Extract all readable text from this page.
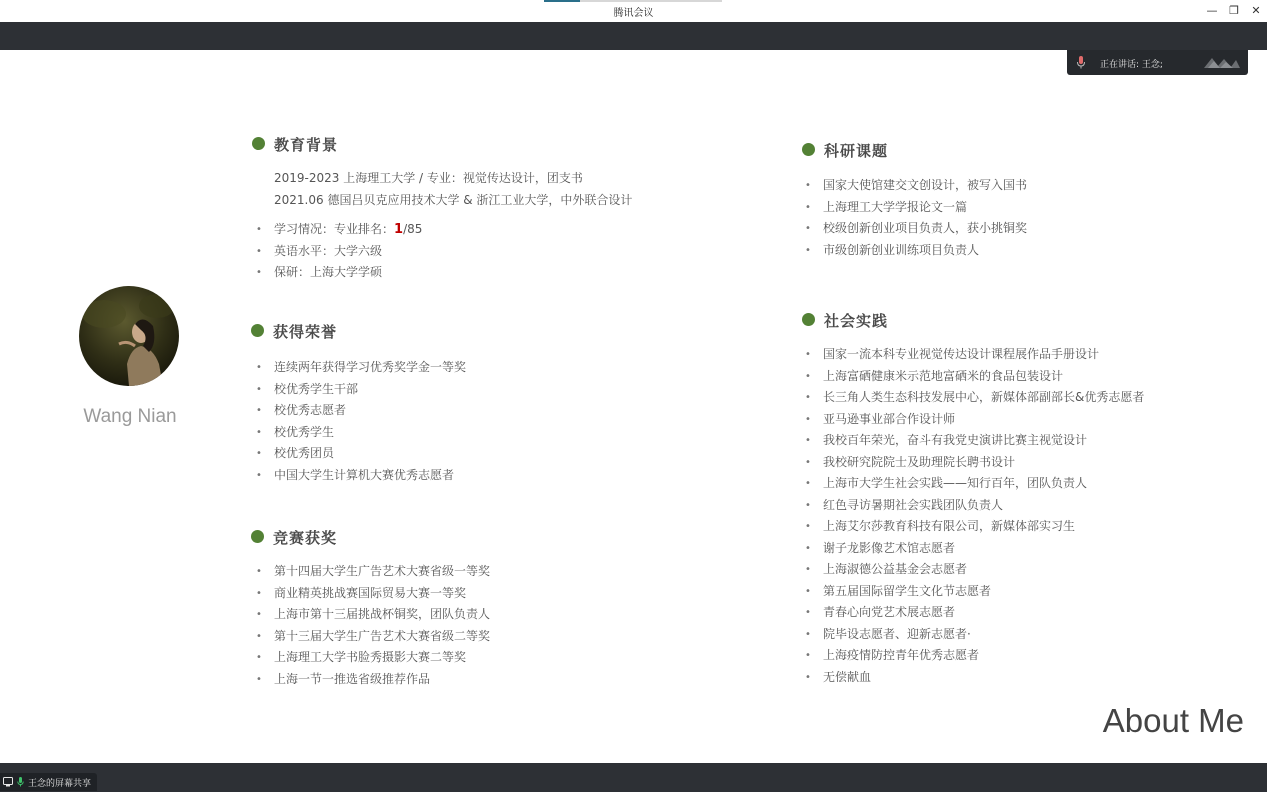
腾讯会议	— ❐	✕
正在讲话: 王念;
Wang Nian
教育背景
2019-2023 上海理工大学 / 专业：视觉传达设计，团支书
2021.06 德国吕贝克应用技术大学 & 浙江工业大学，中外联合设计
• 学习情况：专业排名：1/85
• 英语水平：大学六级
• 保研：上海大学学硕
获得荣誉
• 连续两年获得学习优秀奖学金一等奖
• 校优秀学生干部
• 校优秀志愿者
• 校优秀学生
• 校优秀团员
• 中国大学生计算机大赛优秀志愿者
竞赛获奖
• 第十四届大学生广告艺术大赛省级一等奖
• 商业精英挑战赛国际贸易大赛一等奖
• 上海市第十三届挑战杯铜奖，团队负责人
• 第十三届大学生广告艺术大赛省级二等奖
• 上海理工大学书脸秀摄影大赛二等奖
• 上海一节一推选省级推荐作品
科研课题
• 国家大使馆建交文创设计，被写入国书
• 上海理工大学学报论文一篇
• 校级创新创业项目负责人，获小挑铜奖
• 市级创新创业训练项目负责人
社会实践
• 国家一流本科专业视觉传达设计课程展作品手册设计
• 上海富硒健康米示范地富硒米的食品包装设计
• 长三角人类生态科技发展中心，新媒体部副部长&优秀志愿者
• 亚马逊事业部合作设计师
• 我校百年荣光，奋斗有我党史演讲比赛主视觉设计
• 我校研究院院士及助理院长聘书设计
• 上海市大学生社会实践——知行百年，团队负责人
• 红色寻访暑期社会实践团队负责人
• 上海艾尔莎教育科技有限公司，新媒体部实习生
• 谢子龙影像艺术馆志愿者
• 上海淑德公益基金会志愿者
• 第五届国际留学生文化节志愿者
• 青春心向党艺术展志愿者
• 院毕设志愿者、迎新志愿者·
• 上海疫情防控青年优秀志愿者
• 无偿献血
About Me
王念的屏幕共享
